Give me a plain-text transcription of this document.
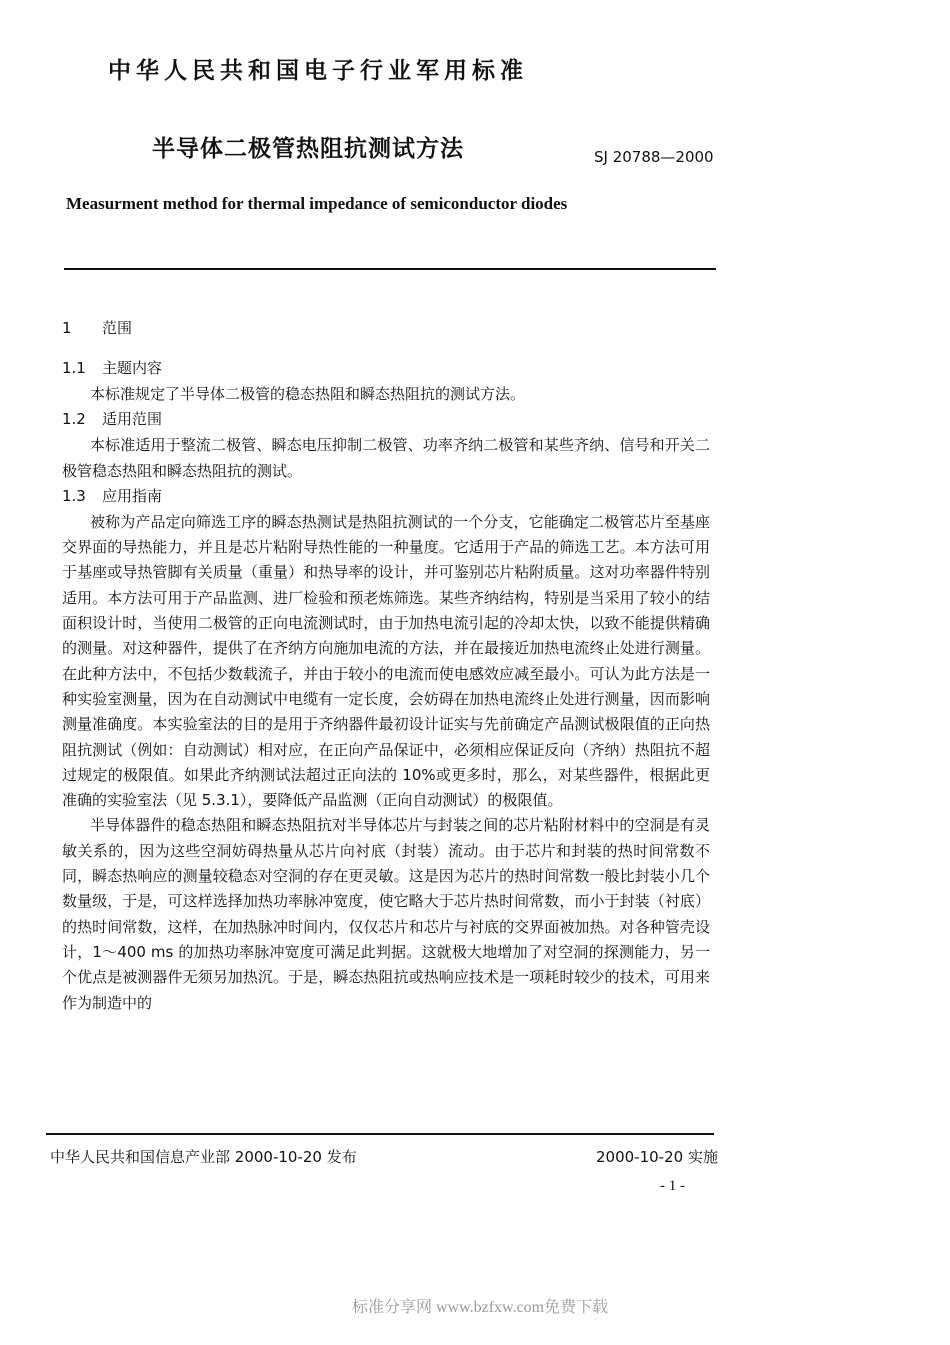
中华人民共和国电子行业军用标准
半导体二极管热阻抗测试方法	SJ 20788—2000
Measurment method for thermal impedance of semiconductor diodes
1 范围
1.1 主题内容

本标准规定了半导体二极管的稳态热阻和瞬态热阻抗的测试方法。

1.2 适用范围

本标准适用于整流二极管、瞬态电压抑制二极管、功率齐纳二极管和某些齐纳、信号和开关二极管稳态热阻和瞬态热阻抗的测试。

1.3 应用指南

被称为产品定向筛选工序的瞬态热测试是热阻抗测试的一个分支，它能确定二极管芯片至基座交界面的导热能力，并且是芯片粘附导热性能的一种量度。它适用于产品的筛选工艺。本方法可用于基座或导热管脚有关质量（重量）和热导率的设计，并可鉴别芯片粘附质量。这对功率器件特别适用。本方法可用于产品监测、进厂检验和预老炼筛选。某些齐纳结构，特别是当采用了较小的结面积设计时，当使用二极管的正向电流测试时，由于加热电流引起的冷却太快，以致不能提供精确的测量。对这种器件，提供了在齐纳方向施加电流的方法，并在最接近加热电流终止处进行测量。在此种方法中，不包括少数载流子，并由于较小的电流而使电感效应减至最小。可认为此方法是一种实验室测量，因为在自动测试中电缆有一定长度，会妨碍在加热电流终止处进行测量，因而影响测量准确度。本实验室法的目的是用于齐纳器件最初设计证实与先前确定产品测试极限值的正向热阻抗测试（例如：自动测试）相对应，在正向产品保证中，必须相应保证反向（齐纳）热阻抗不超过规定的极限值。如果此齐纳测试法超过正向法的 10%或更多时，那么，对某些器件，根据此更准确的实验室法（见 5.3.1），要降低产品监测（正向自动测试）的极限值。

半导体器件的稳态热阻和瞬态热阻抗对半导体芯片与封装之间的芯片粘附材料中的空洞是有灵敏关系的，因为这些空洞妨碍热量从芯片向衬底（封装）流动。由于芯片和封装的热时间常数不同，瞬态热响应的测量较稳态对空洞的存在更灵敏。这是因为芯片的热时间常数一般比封装小几个数量级，于是，可这样选择加热功率脉冲宽度，使它略大于芯片热时间常数，而小于封装（衬底）的热时间常数，这样，在加热脉冲时间内，仅仅芯片和芯片与衬底的交界面被加热。对各种管壳设计，1～400 ms 的加热功率脉冲宽度可满足此判据。这就极大地增加了对空洞的探测能力，另一个优点是被测器件无须另加热沉。于是，瞬态热阻抗或热响应技术是一项耗时较少的技术，可用来作为制造中的

中华人民共和国信息产业部 2000-10-20 发布	2000-10-20 实施
- 1 -
标准分享网 www.bzfxw.com免费下载
